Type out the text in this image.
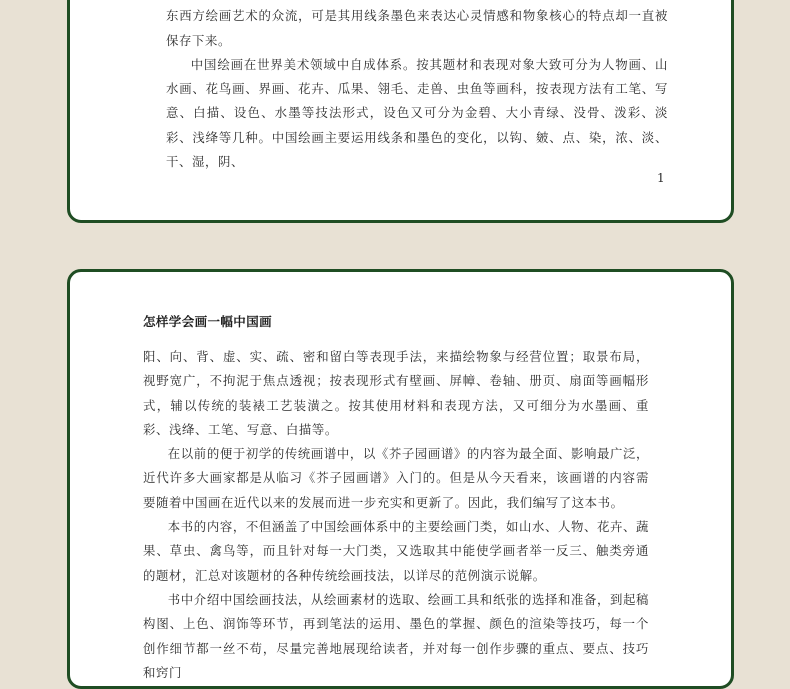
东西方绘画艺术的众流，可是其用线条墨色来表达心灵情感和物象核心的特点却一直被保存下来。

中国绘画在世界美术领域中自成体系。按其题材和表现对象大致可分为人物画、山水画、花鸟画、界画、花卉、瓜果、翎毛、走兽、虫鱼等画科，按表现方法有工笔、写意、白描、设色、水墨等技法形式，设色又可分为金碧、大小青绿、没骨、泼彩、淡彩、浅绛等几种。中国绘画主要运用线条和墨色的变化，以钩、皴、点、染，浓、淡、干、湿，阴、

1
怎样学会画一幅中国画

阳、向、背、虚、实、疏、密和留白等表现手法，来描绘物象与经营位置；取景布局，视野宽广，不拘泥于焦点透视；按表现形式有壁画、屏幛、卷轴、册页、扇面等画幅形式，辅以传统的装裱工艺装潢之。按其使用材料和表现方法，又可细分为水墨画、重彩、浅绛、工笔、写意、白描等。

在以前的便于初学的传统画谱中，以《芥子园画谱》的内容为最全面、影响最广泛，近代许多大画家都是从临习《芥子园画谱》入门的。但是从今天看来，该画谱的内容需要随着中国画在近代以来的发展而进一步充实和更新了。因此，我们编写了这本书。

本书的内容，不但涵盖了中国绘画体系中的主要绘画门类，如山水、人物、花卉、蔬果、草虫、禽鸟等，而且针对每一大门类，又选取其中能使学画者举一反三、触类旁通的题材，汇总对该题材的各种传统绘画技法，以详尽的范例演示说解。

书中介绍中国绘画技法，从绘画素材的选取、绘画工具和纸张的选择和准备，到起稿构图、上色、润饰等环节，再到笔法的运用、墨色的掌握、颜色的渲染等技巧，每一个创作细节都一丝不苟，尽量完善地展现给读者，并对每一创作步骤的重点、要点、技巧和窍门
